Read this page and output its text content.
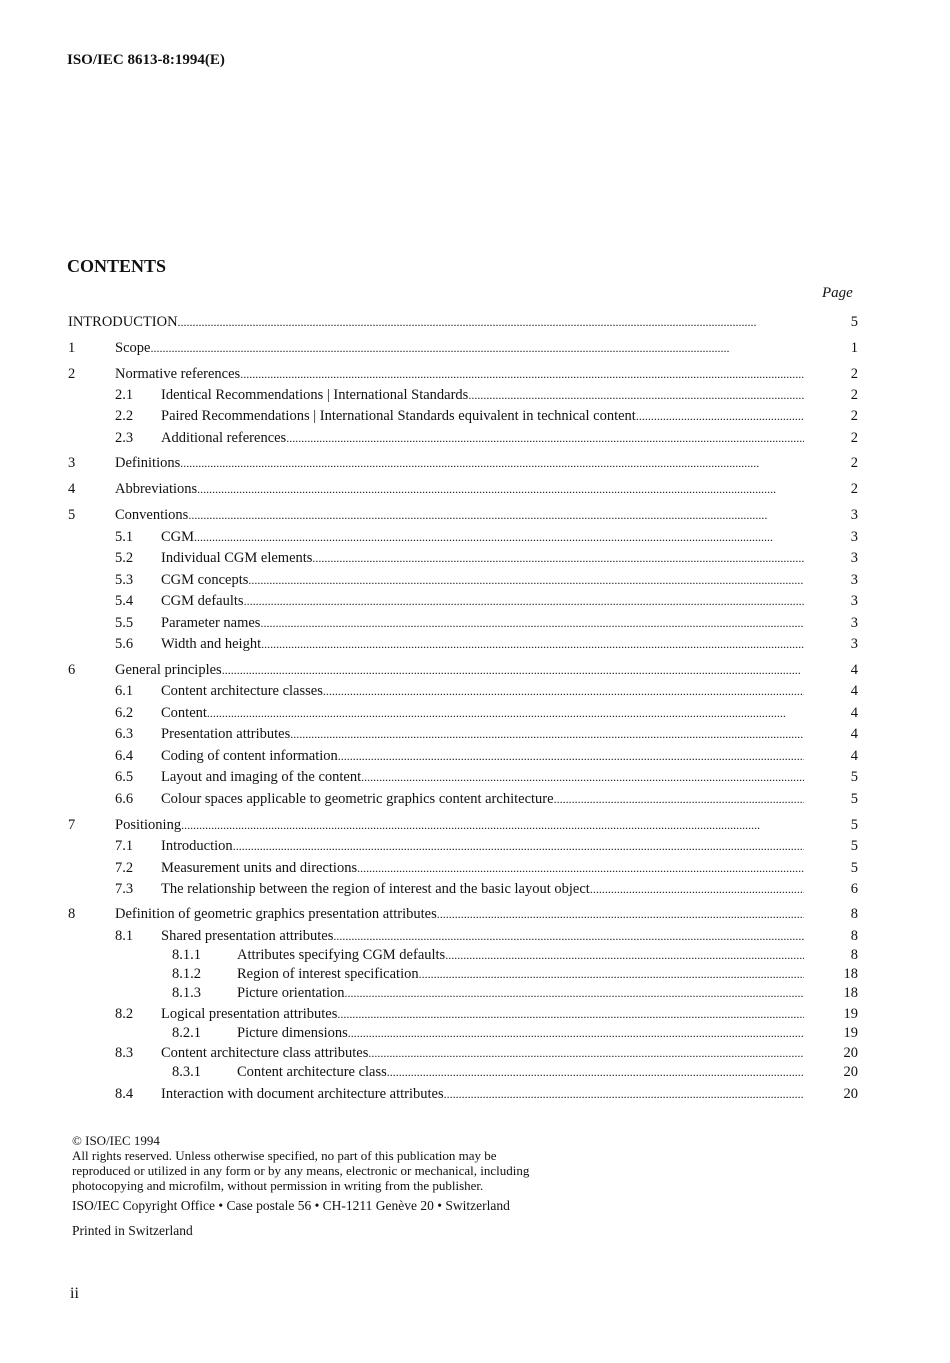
ISO/IEC 8613-8:1994(E)
CONTENTS
Page
INTRODUCTION . . .	5
1	Scope . . .	1
2	Normative references . . .	2
2.1 Identical Recommendations | International Standards . . .	2
2.2 Paired Recommendations | International Standards equivalent in technical content . . .	2
2.3 Additional references . . .	2
3	Definitions . . .	2
4	Abbreviations . . .	2
5	Conventions . . .	3
5.1 CGM . . .	3
5.2 Individual CGM elements . . .	3
5.3 CGM concepts . . .	3
5.4 CGM defaults . . .	3
5.5 Parameter names . . .	3
5.6 Width and height . . .	3
6	General principles . . .	4
6.1 Content architecture classes . . .	4
6.2 Content . . .	4
6.3 Presentation attributes . . .	4
6.4 Coding of content information . . .	4
6.5 Layout and imaging of the content . . .	5
6.6 Colour spaces applicable to geometric graphics content architecture . . .	5
7	Positioning . . .	5
7.1 Introduction . . .	5
7.2 Measurement units and directions . . .	5
7.3 The relationship between the region of interest and the basic layout object . . .	6
8	Definition of geometric graphics presentation attributes . . .	8
8.1 Shared presentation attributes . . .	8
8.1.1 Attributes specifying CGM defaults . . .	8
8.1.2 Region of interest specification . . .	18
8.1.3 Picture orientation . . .	18
8.2 Logical presentation attributes . . .	19
8.2.1 Picture dimensions . . .	19
8.3 Content architecture class attributes . . .	20
8.3.1 Content architecture class . . .	20
8.4 Interaction with document architecture attributes . . .	20
© ISO/IEC 1994
All rights reserved. Unless otherwise specified, no part of this publication may be
reproduced or utilized in any form or by any means, electronic or mechanical, including
photocopying and microfilm, without permission in writing from the publisher.
ISO/IEC Copyright Office • Case postale 56 • CH-1211 Genève 20 • Switzerland
Printed in Switzerland
ii
